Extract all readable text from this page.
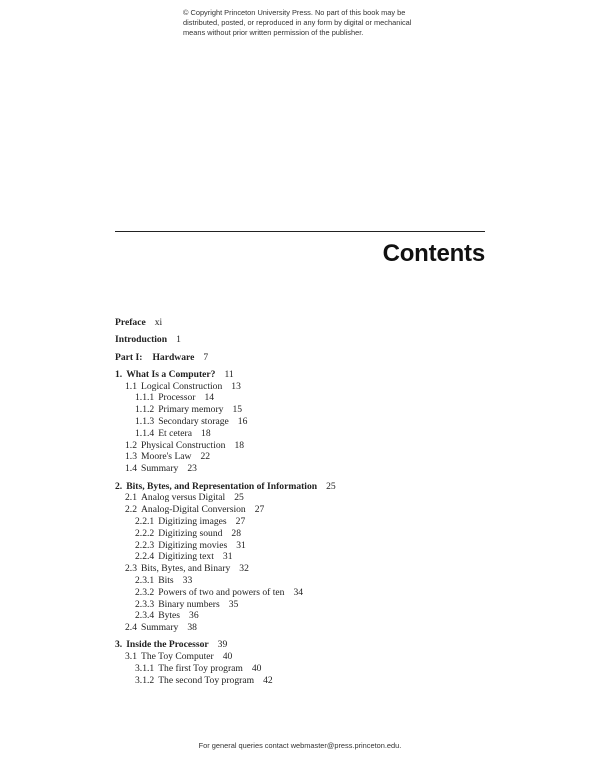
© Copyright Princeton University Press. No part of this book may be
distributed, posted, or reproduced in any form by digital or mechanical
means without prior written permission of the publisher.
Contents
Preface xi
Introduction 1
Part I: Hardware 7
1. What Is a Computer? 11
1.1 Logical Construction 13
1.1.1 Processor 14
1.1.2 Primary memory 15
1.1.3 Secondary storage 16
1.1.4 Et cetera 18
1.2 Physical Construction 18
1.3 Moore's Law 22
1.4 Summary 23
2. Bits, Bytes, and Representation of Information 25
2.1 Analog versus Digital 25
2.2 Analog-Digital Conversion 27
2.2.1 Digitizing images 27
2.2.2 Digitizing sound 28
2.2.3 Digitizing movies 31
2.2.4 Digitizing text 31
2.3 Bits, Bytes, and Binary 32
2.3.1 Bits 33
2.3.2 Powers of two and powers of ten 34
2.3.3 Binary numbers 35
2.3.4 Bytes 36
2.4 Summary 38
3. Inside the Processor 39
3.1 The Toy Computer 40
3.1.1 The first Toy program 40
3.1.2 The second Toy program 42
For general queries contact webmaster@press.princeton.edu.
